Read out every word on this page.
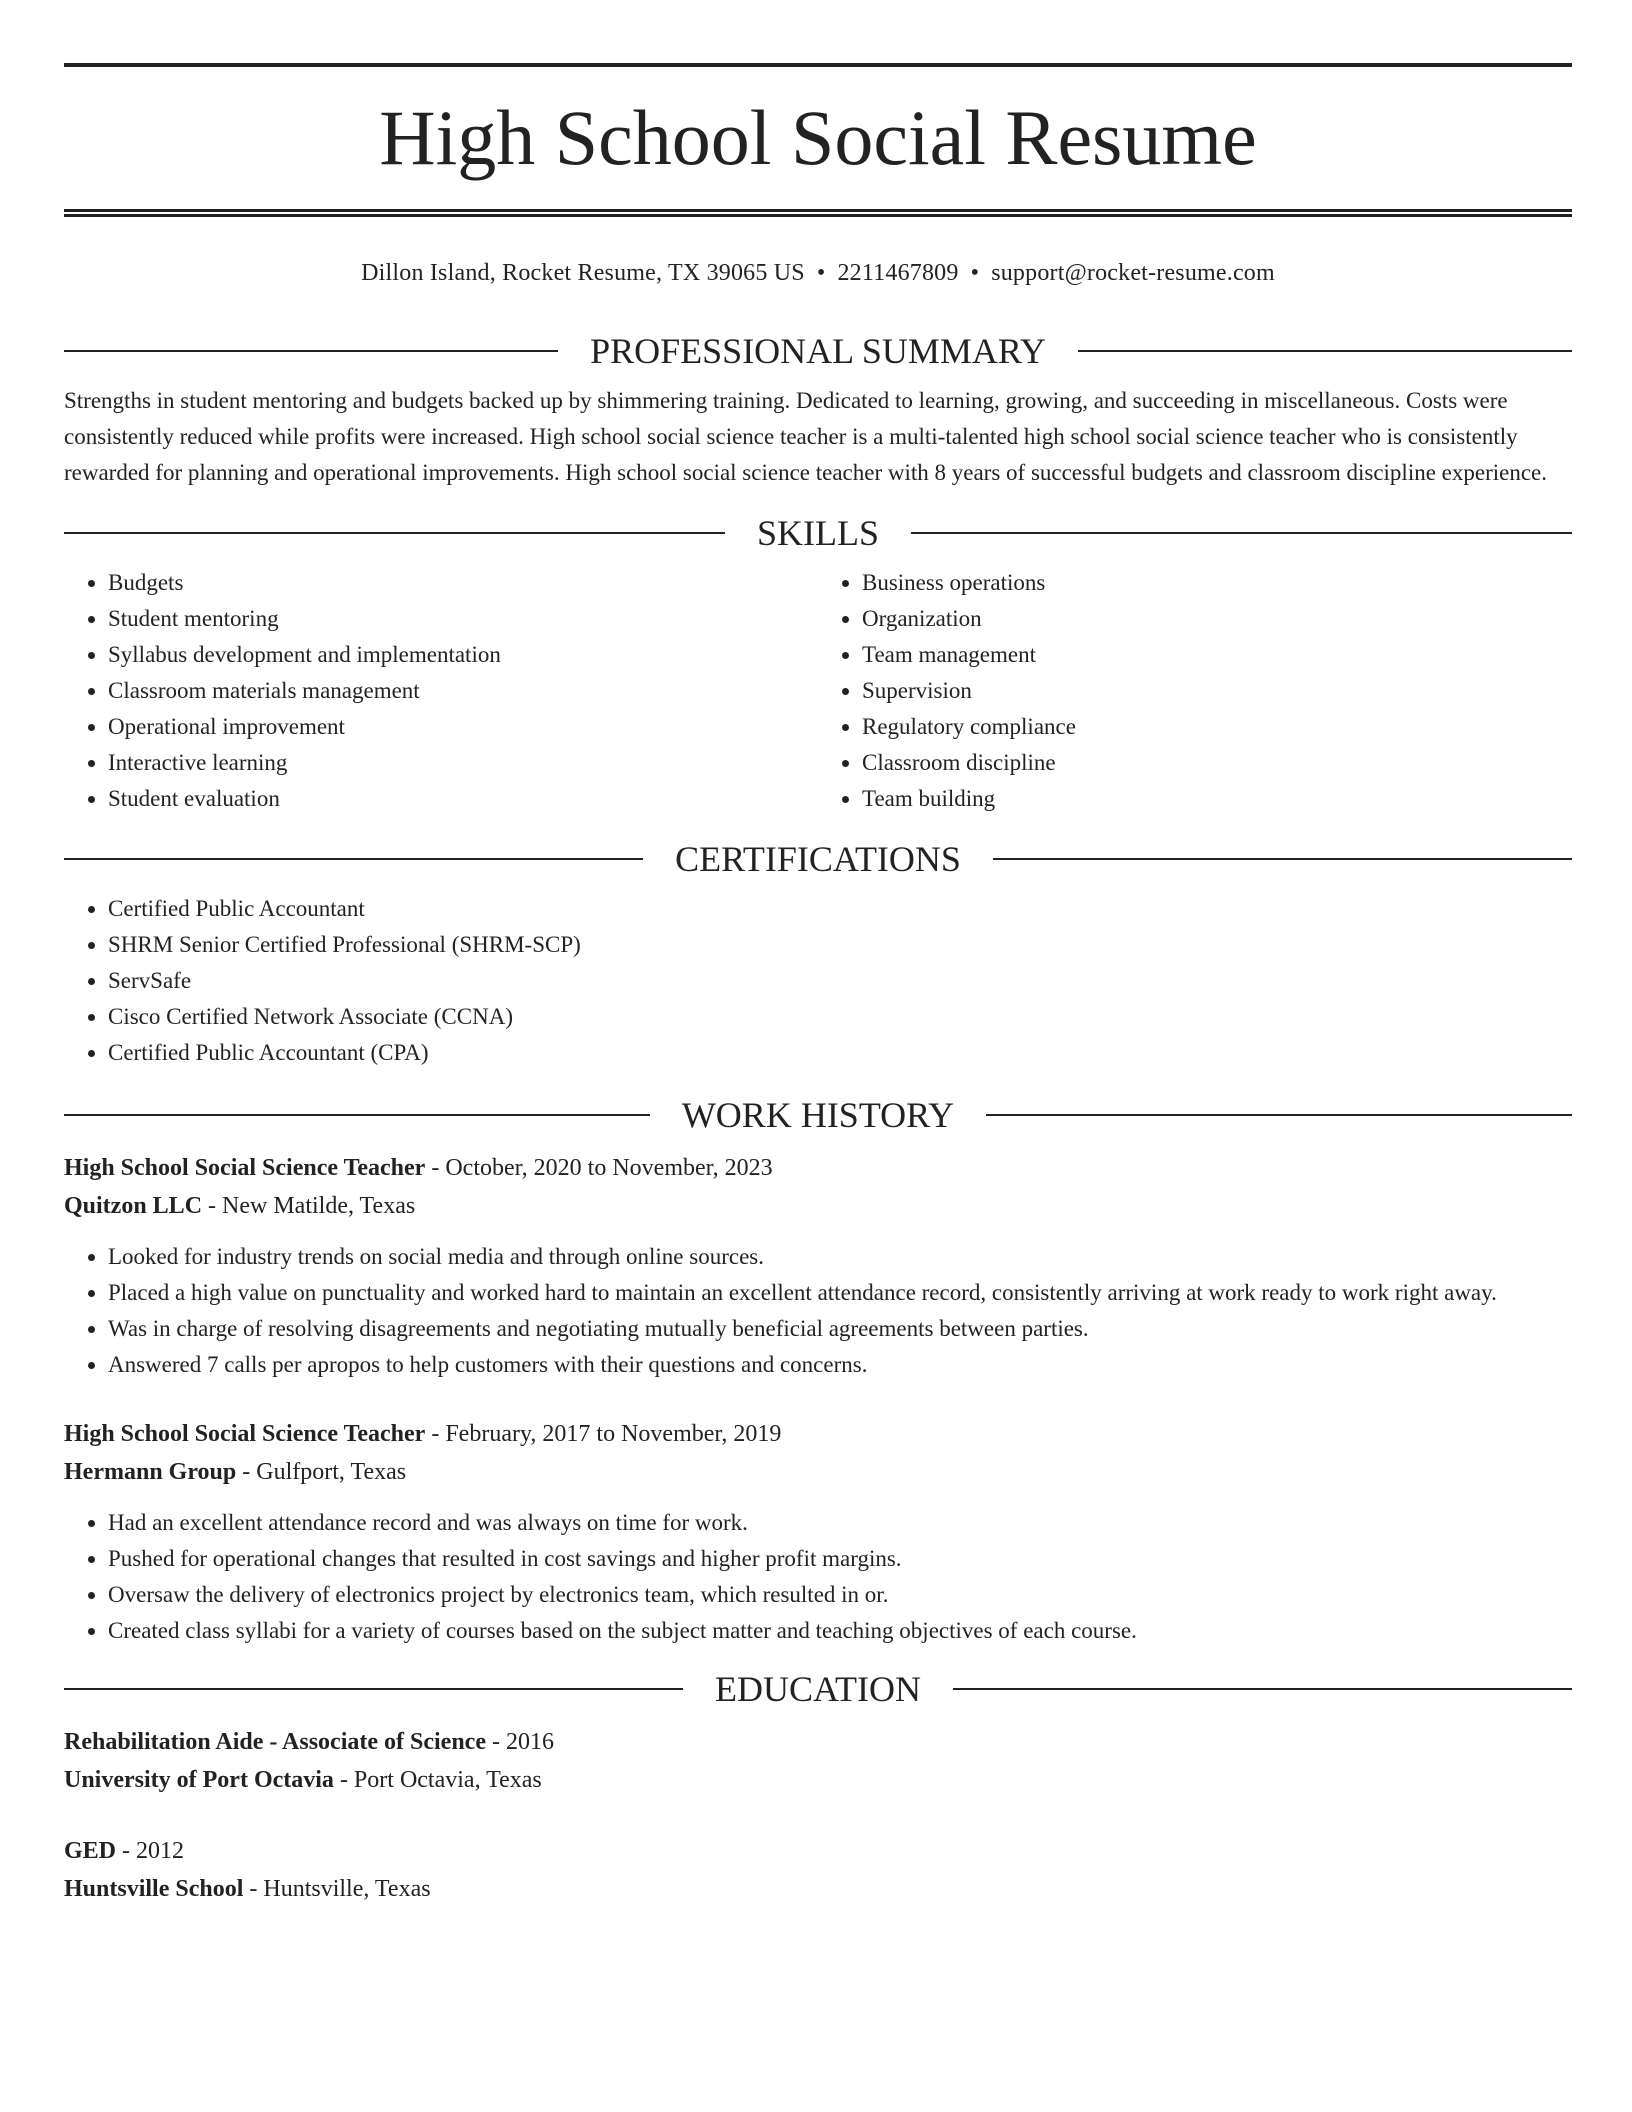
High School Social Resume
Dillon Island, Rocket Resume, TX 39065 US • 2211467809 • support@rocket-resume.com
PROFESSIONAL SUMMARY

Strengths in student mentoring and budgets backed up by shimmering training. Dedicated to learning, growing, and succeeding in miscellaneous. Costs were consistently reduced while profits were increased. High school social science teacher is a multi-talented high school social science teacher who is consistently rewarded for planning and operational improvements. High school social science teacher with 8 years of successful budgets and classroom discipline experience.

SKILLS
• Budgets
• Student mentoring
• Syllabus development and implementation
• Classroom materials management
• Operational improvement
• Interactive learning
• Student evaluation
• Business operations
• Organization
• Team management
• Supervision
• Regulatory compliance
• Classroom discipline
• Team building
CERTIFICATIONS
• Certified Public Accountant
• SHRM Senior Certified Professional (SHRM-SCP)
• ServSafe
• Cisco Certified Network Associate (CCNA)
• Certified Public Accountant (CPA)
WORK HISTORY
High School Social Science Teacher - October, 2020 to November, 2023
Quitzon LLC - New Matilde, Texas
• Looked for industry trends on social media and through online sources.
• Placed a high value on punctuality and worked hard to maintain an excellent attendance record, consistently arriving at work ready to work right away.
• Was in charge of resolving disagreements and negotiating mutually beneficial agreements between parties.
• Answered 7 calls per apropos to help customers with their questions and concerns.
High School Social Science Teacher - February, 2017 to November, 2019
Hermann Group - Gulfport, Texas
• Had an excellent attendance record and was always on time for work.
• Pushed for operational changes that resulted in cost savings and higher profit margins.
• Oversaw the delivery of electronics project by electronics team, which resulted in or.
• Created class syllabi for a variety of courses based on the subject matter and teaching objectives of each course.
EDUCATION
Rehabilitation Aide - Associate of Science - 2016
University of Port Octavia - Port Octavia, Texas
GED - 2012
Huntsville School - Huntsville, Texas
